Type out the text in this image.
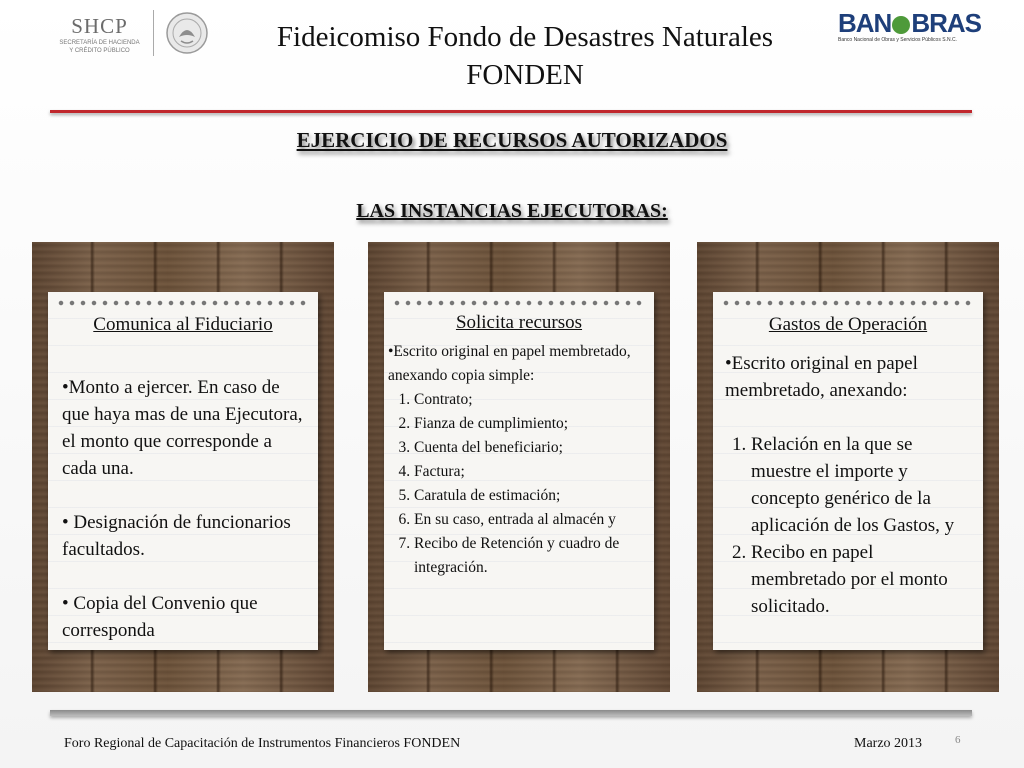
SHCP
SECRETARÍA DE HACIENDA
Y CRÉDITO PÚBLICO	Fideicomiso Fondo de Desastres Naturales
FONDEN
BAN BRAS
Banco Nacional de Obras y Servicios Públicos S.N.C.
EJERCICIO DE RECURSOS AUTORIZADOS
LAS INSTANCIAS EJECUTORAS:
Comunica al Fiduciario

•Monto a ejercer. En caso de que haya mas de una Ejecutora, el monto que corresponde a cada una.

• Designación de funcionarios facultados.

• Copia del Convenio que corresponda

Solicita recursos

•Escrito original en papel membretado, anexando copia simple:

1. Contrato;
2. Fianza de cumplimiento;
3. Cuenta del beneficiario;
4. Factura;
5. Caratula de estimación;
6. En su caso, entrada al almacén y
7. Recibo de Retención y cuadro de integración.
Gastos de Operación

•Escrito original en papel membretado, anexando:

1. Relación en la que se muestre el importe y concepto genérico de la aplicación de los Gastos, y
2. Recibo en papel membretado por el monto solicitado.
Foro Regional de Capacitación de Instrumentos Financieros FONDEN	Marzo 2013	6
